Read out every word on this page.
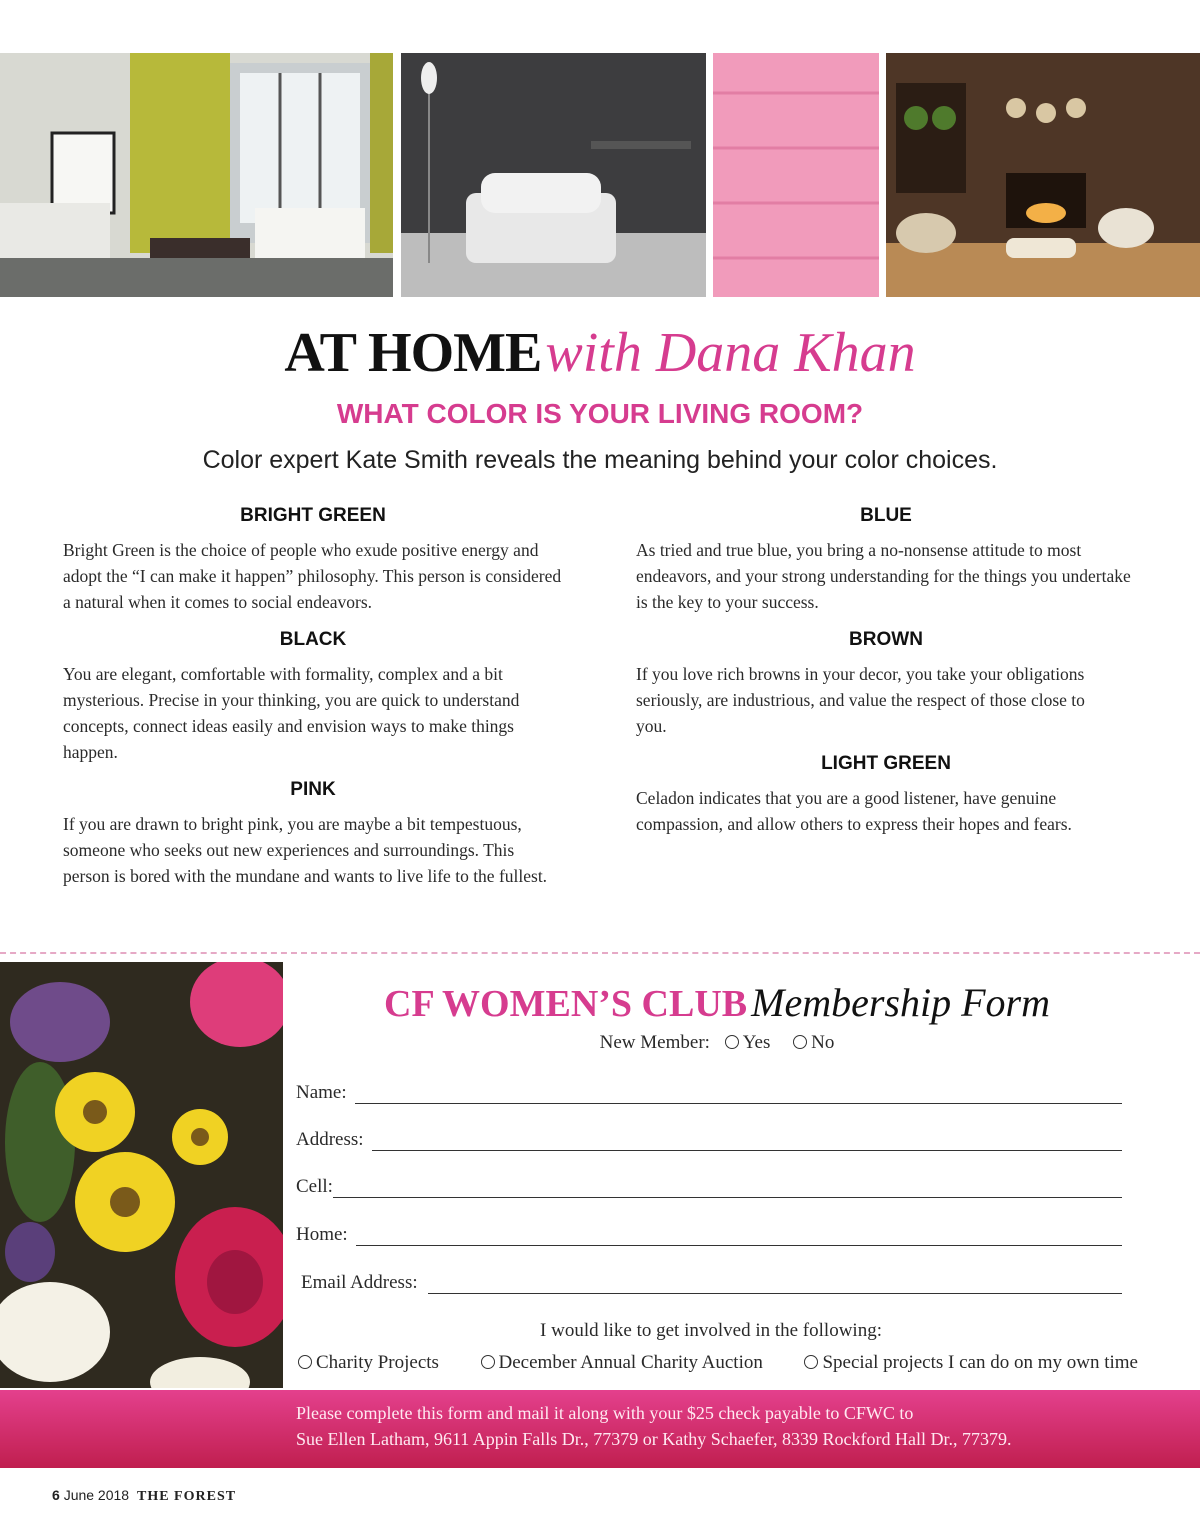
AT HOME with Dana Khan
WHAT COLOR IS YOUR LIVING ROOM?
Color expert Kate Smith reveals the meaning behind your color choices.
BRIGHT GREEN
Bright Green is the choice of people who exude positive energy and adopt the “I can make it happen” philosophy. This person is considered a natural when it comes to social endeavors.
BLACK
You are elegant, comfortable with formality, complex and a bit mysterious. Precise in your thinking, you are quick to understand concepts, connect ideas easily and envision ways to make things happen.
PINK
If you are drawn to bright pink, you are maybe a bit tempestuous, someone who seeks out new experiences and surroundings. This person is bored with the mundane and wants to live life to the fullest.
BLUE
As tried and true blue, you bring a no-nonsense attitude to most endeavors, and your strong understanding for the things you undertake is the key to your success.
BROWN
If you love rich browns in your decor, you take your obligations seriously, are industrious, and value the respect of those close to you.
LIGHT GREEN
Celadon indicates that you are a good listener, have genuine compassion, and allow others to express their hopes and fears.
CF WOMEN’S CLUB Membership Form
New Member: Yes No
Name:
Address:
Cell:
Home:
Email Address:
I would like to get involved in the following:
Charity Projects	December Annual Charity Auction	Special projects I can do on my own time
Please complete this form and mail it along with your $25 check payable to CFWC to
Sue Ellen Latham, 9611 Appin Falls Dr., 77379 or Kathy Schaefer, 8339 Rockford Hall Dr., 77379.
6 June 2018 THE FOREST
